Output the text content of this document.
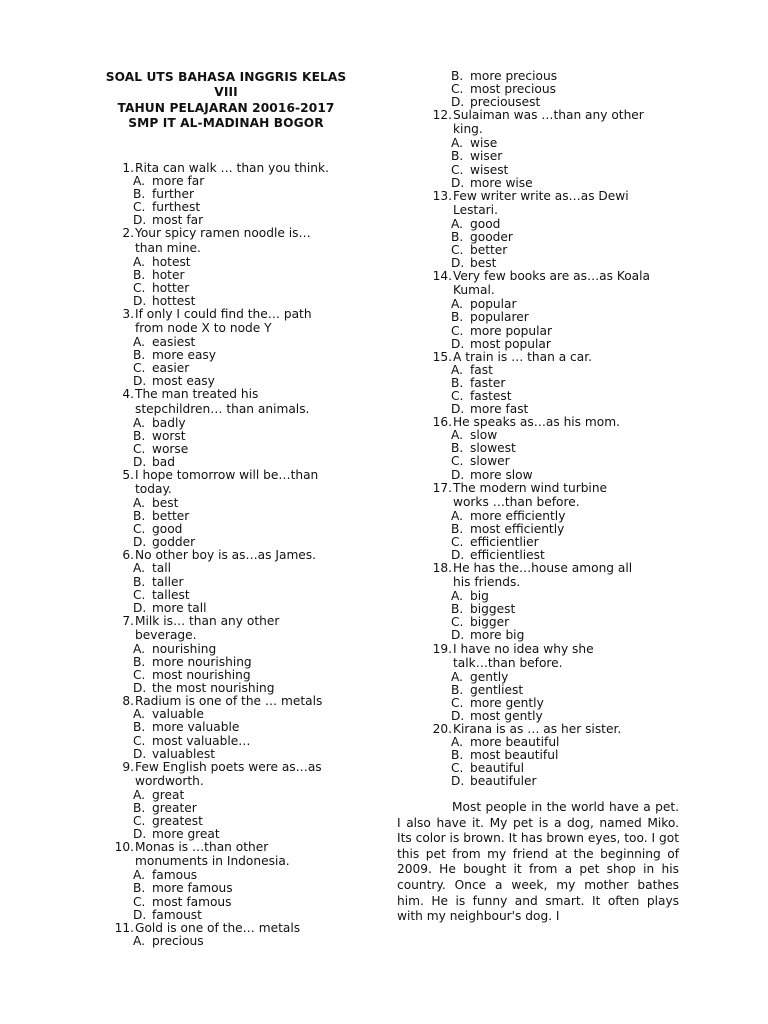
SOAL UTS BAHASA INGGRIS KELAS
VIII
TAHUN PELAJARAN 20016-2017
SMP IT AL-MADINAH BOGOR
1. Rita can walk … than you think.
A. more far
B. further
C. furthest
D. most far
2. Your spicy ramen noodle is…
than mine.
A. hotest
B. hoter
C. hotter
D. hottest
3. If only I could find the… path
from node X to node Y
A. easiest
B. more easy
C. easier
D. most easy
4. The man treated his
stepchildren… than animals.
A. badly
B. worst
C. worse
D. bad
5. I hope tomorrow will be…than
today.
A. best
B. better
C. good
D. godder
6. No other boy is as…as James.
A. tall
B. taller
C. tallest
D. more tall
7. Milk is… than any other
beverage.
A. nourishing
B. more nourishing
C. most nourishing
D. the most nourishing
8. Radium is one of the … metals
A. valuable
B. more valuable
C. most valuable…
D. valuablest
9. Few English poets were as…as
wordworth.
A. great
B. greater
C. greatest
D. more great
10. Monas is …than other
monuments in Indonesia.
A. famous
B. more famous
C. most famous
D. famoust
11. Gold is one of the… metals
A. precious
B. more precious
C. most precious
D. preciousest
12. Sulaiman was …than any other
king.
A. wise
B. wiser
C. wisest
D. more wise
13. Few writer write as…as Dewi
Lestari.
A. good
B. gooder
C. better
D. best
14. Very few books are as…as Koala
Kumal.
A. popular
B. popularer
C. more popular
D. most popular
15. A train is … than a car.
A. fast
B. faster
C. fastest
D. more fast
16. He speaks as…as his mom.
A. slow
B. slowest
C. slower
D. more slow
17. The modern wind turbine
works …than before.
A. more efficiently
B. most efficiently
C. efficientlier
D. efficientliest
18. He has the…house among all
his friends.
A. big
B. biggest
C. bigger
D. more big
19. I have no idea why she
talk…than before.
A. gently
B. gentliest
C. more gently
D. most gently
20. Kirana is as … as her sister.
A. more beautiful
B. most beautiful
C. beautiful
D. beautifuler
Most people in the world have a pet. I also have it. My pet is a dog, named Miko. Its color is brown. It has brown eyes, too. I got this pet from my friend at the beginning of 2009. He bought it from a pet shop in his country. Once a week, my mother bathes him. He is funny and smart. It often plays with my neighbour's dog. I
